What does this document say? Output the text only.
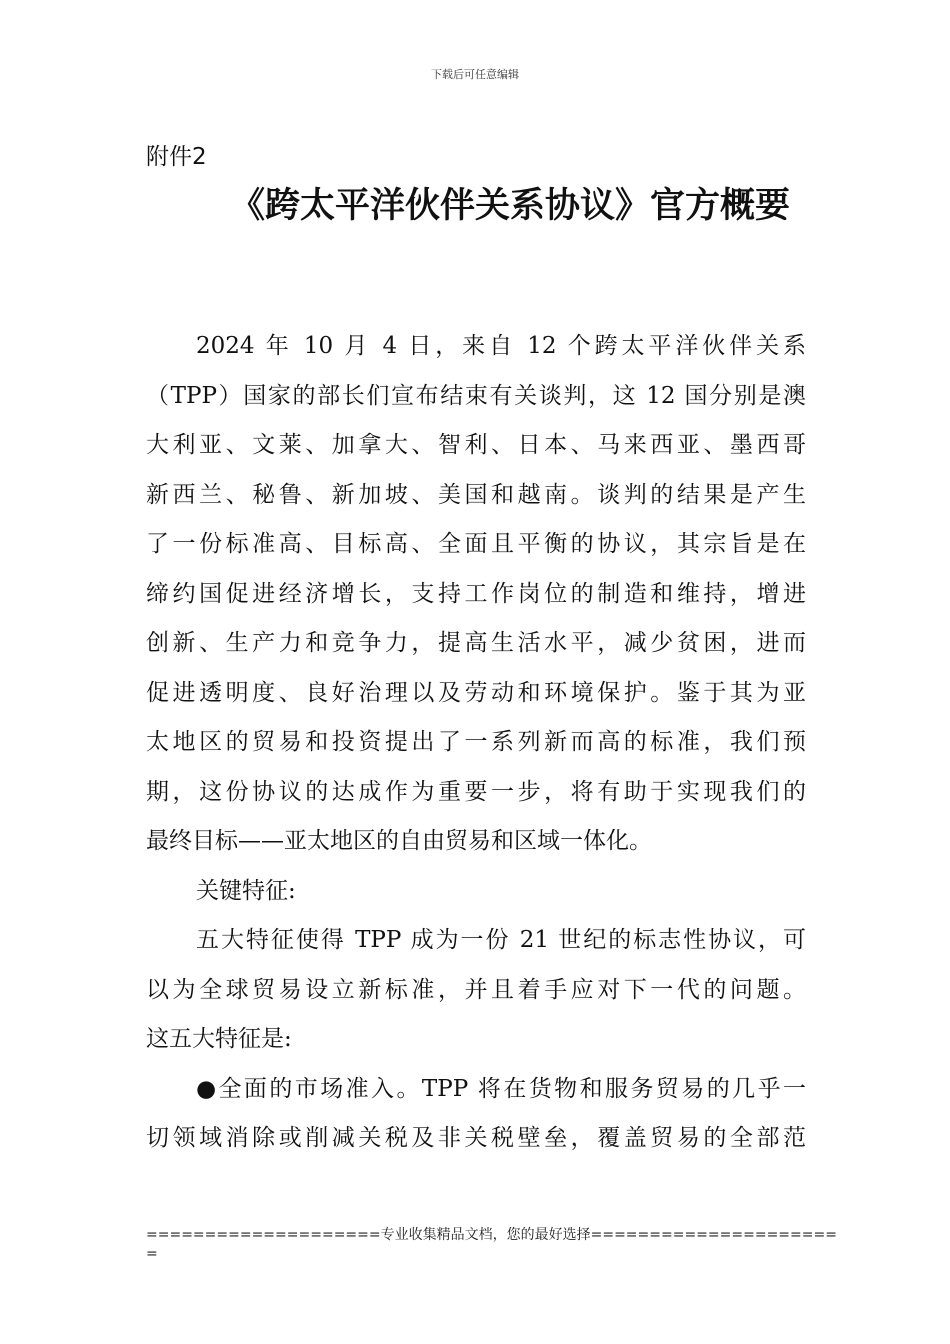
下载后可任意编辑
附件2
《跨太平洋伙伴关系协议》官方概要
2024 年 10 月 4 日，来自 12 个跨太平洋伙伴关系
（TPP）国家的部长们宣布结束有关谈判，这 12 国分别是澳
大利亚、文莱、加拿大、智利、日本、马来西亚、墨西哥
新西兰、秘鲁、新加坡、美国和越南。谈判的结果是产生
了一份标准高、目标高、全面且平衡的协议，其宗旨是在
缔约国促进经济增长，支持工作岗位的制造和维持，增进
创新、生产力和竞争力，提高生活水平，减少贫困，进而
促进透明度、良好治理以及劳动和环境保护。鉴于其为亚
太地区的贸易和投资提出了一系列新而高的标准，我们预
期，这份协议的达成作为重要一步，将有助于实现我们的
最终目标——亚太地区的自由贸易和区域一体化。
关键特征:
五大特征使得 TPP 成为一份 21 世纪的标志性协议，可
以为全球贸易设立新标准，并且着手应对下一代的问题。
这五大特征是:
●全面的市场准入。TPP 将在货物和服务贸易的几乎一
切领域消除或削减关税及非关税壁垒，覆盖贸易的全部范
====================专业收集精品文档，您的最好选择=====================
=
